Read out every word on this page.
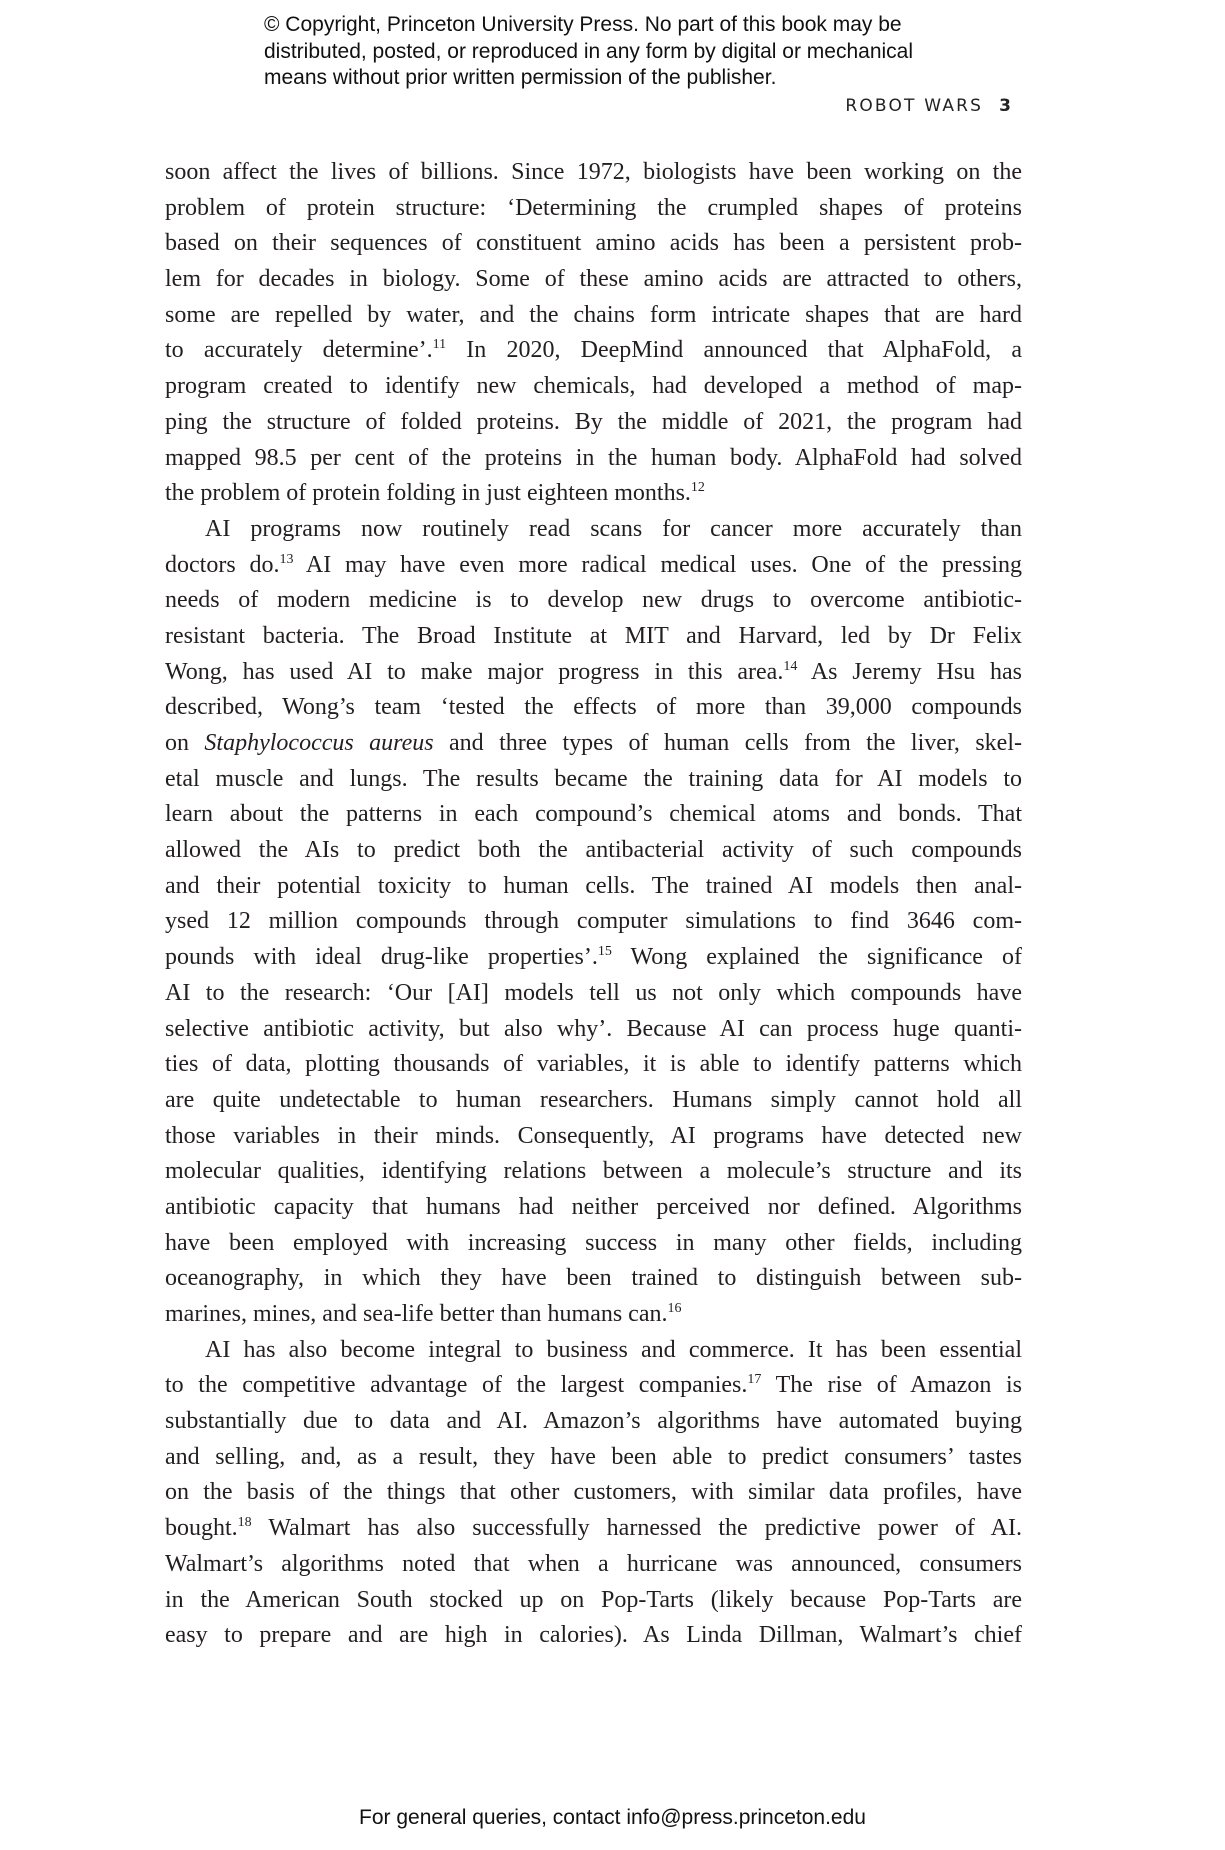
© Copyright, Princeton University Press. No part of this book may be
distributed, posted, or reproduced in any form by digital or mechanical
means without prior written permission of the publisher.
ROBOT WARS 3
soon affect the lives of billions. Since 1972, biologists have been working on the
problem of protein structure: ‘Determining the crumpled shapes of proteins
based on their sequences of constituent amino acids has been a persistent prob-
lem for decades in biology. Some of these amino acids are attracted to others,
some are repelled by water, and the chains form intricate shapes that are hard
to accurately determine’.$^{11}$ In 2020, DeepMind announced that AlphaFold, a
program created to identify new chemicals, had developed a method of map-
ping the structure of folded proteins. By the middle of 2021, the program had
mapped 98.5 per cent of the proteins in the human body. AlphaFold had solved
the problem of protein folding in just eighteen months.$^{12}$
AI programs now routinely read scans for cancer more accurately than
doctors do.$^{13}$ AI may have even more radical medical uses. One of the pressing
needs of modern medicine is to develop new drugs to overcome antibiotic-
resistant bacteria. The Broad Institute at MIT and Harvard, led by Dr Felix
Wong, has used AI to make major progress in this area.$^{14}$ As Jeremy Hsu has
described, Wong’s team ‘tested the effects of more than 39,000 compounds
on Staphylococcus aureus and three types of human cells from the liver, skel-
etal muscle and lungs. The results became the training data for AI models to
learn about the patterns in each compound’s chemical atoms and bonds. That
allowed the AIs to predict both the antibacterial activity of such compounds
and their potential toxicity to human cells. The trained AI models then anal-
ysed 12 million compounds through computer simulations to find 3646 com-
pounds with ideal drug-like properties’.$^{15}$ Wong explained the significance of
AI to the research: ‘Our [AI] models tell us not only which compounds have
selective antibiotic activity, but also why’. Because AI can process huge quanti-
ties of data, plotting thousands of variables, it is able to identify patterns which
are quite undetectable to human researchers. Humans simply cannot hold all
those variables in their minds. Consequently, AI programs have detected new
molecular qualities, identifying relations between a molecule’s structure and its
antibiotic capacity that humans had neither perceived nor defined. Algorithms
have been employed with increasing success in many other fields, including
oceanography, in which they have been trained to distinguish between sub-
marines, mines, and sea-life better than humans can.$^{16}$
AI has also become integral to business and commerce. It has been essential
to the competitive advantage of the largest companies.$^{17}$ The rise of Amazon is
substantially due to data and AI. Amazon’s algorithms have automated buying
and selling, and, as a result, they have been able to predict consumers’ tastes
on the basis of the things that other customers, with similar data profiles, have
bought.$^{18}$ Walmart has also successfully harnessed the predictive power of AI.
Walmart’s algorithms noted that when a hurricane was announced, consumers
in the American South stocked up on Pop-Tarts (likely because Pop-Tarts are
easy to prepare and are high in calories). As Linda Dillman, Walmart’s chief
For general queries, contact info@press.princeton.edu
